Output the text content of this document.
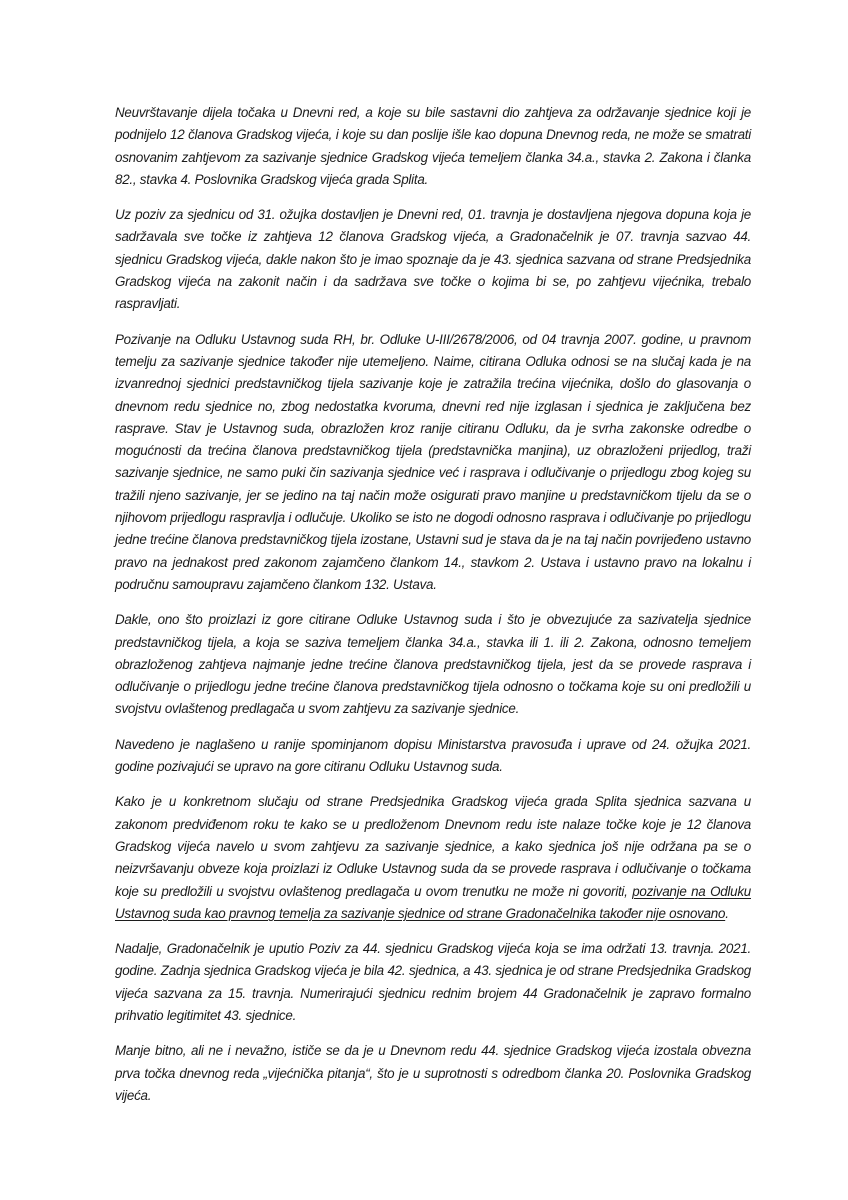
Neuvrštavanje dijela točaka u Dnevni red, a koje su bile sastavni dio zahtjeva za održavanje sjednice koji je podnijelo 12 članova Gradskog vijeća, i koje su dan poslije išle kao dopuna Dnevnog reda, ne može se smatrati osnovanim zahtjevom za sazivanje sjednice Gradskog vijeća temeljem članka 34.a., stavka 2. Zakona i članka 82., stavka 4. Poslovnika Gradskog vijeća grada Splita.

Uz poziv za sjednicu od 31. ožujka dostavljen je Dnevni red, 01. travnja je dostavljena njegova dopuna koja je sadržavala sve točke iz zahtjeva 12 članova Gradskog vijeća, a Gradonačelnik je 07. travnja sazvao 44. sjednicu Gradskog vijeća, dakle nakon što je imao spoznaje da je 43. sjednica sazvana od strane Predsjednika Gradskog vijeća na zakonit način i da sadržava sve točke o kojima bi se, po zahtjevu vijećnika, trebalo raspravljati.

Pozivanje na Odluku Ustavnog suda RH, br. Odluke U-III/2678/2006, od 04 travnja 2007. godine, u pravnom temelju za sazivanje sjednice također nije utemeljeno. Naime, citirana Odluka odnosi se na slučaj kada je na izvanrednoj sjednici predstavničkog tijela sazivanje koje je zatražila trećina vijećnika, došlo do glasovanja o dnevnom redu sjednice no, zbog nedostatka kvoruma, dnevni red nije izglasan i sjednica je zaključena bez rasprave. Stav je Ustavnog suda, obrazložen kroz ranije citiranu Odluku, da je svrha zakonske odredbe o mogućnosti da trećina članova predstavničkog tijela (predstavnička manjina), uz obrazloženi prijedlog, traži sazivanje sjednice, ne samo puki čin sazivanja sjednice već i rasprava i odlučivanje o prijedlogu zbog kojeg su tražili njeno sazivanje, jer se jedino na taj način može osigurati pravo manjine u predstavničkom tijelu da se o njihovom prijedlogu raspravlja i odlučuje. Ukoliko se isto ne dogodi odnosno rasprava i odlučivanje po prijedlogu jedne trećine članova predstavničkog tijela izostane, Ustavni sud je stava da je na taj način povrijeđeno ustavno pravo na jednakost pred zakonom zajamčeno člankom 14., stavkom 2. Ustava i ustavno pravo na lokalnu i područnu samoupravu zajamčeno člankom 132. Ustava.

Dakle, ono što proizlazi iz gore citirane Odluke Ustavnog suda i što je obvezujuće za sazivatelja sjednice predstavničkog tijela, a koja se saziva temeljem članka 34.a., stavka ili 1. ili 2. Zakona, odnosno temeljem obrazloženog zahtjeva najmanje jedne trećine članova predstavničkog tijela, jest da se provede rasprava i odlučivanje o prijedlogu jedne trećine članova predstavničkog tijela odnosno o točkama koje su oni predložili u svojstvu ovlaštenog predlagača u svom zahtjevu za sazivanje sjednice.

Navedeno je naglašeno u ranije spominjanom dopisu Ministarstva pravosuđa i uprave od 24. ožujka 2021. godine pozivajući se upravo na gore citiranu Odluku Ustavnog suda.

Kako je u konkretnom slučaju od strane Predsjednika Gradskog vijeća grada Splita sjednica sazvana u zakonom predviđenom roku te kako se u predloženom Dnevnom redu iste nalaze točke koje je 12 članova Gradskog vijeća navelo u svom zahtjevu za sazivanje sjednice, a kako sjednica još nije održana pa se o neizvršavanju obveze koja proizlazi iz Odluke Ustavnog suda da se provede rasprava i odlučivanje o točkama koje su predložili u svojstvu ovlaštenog predlagača u ovom trenutku ne može ni govoriti, pozivanje na Odluku Ustavnog suda kao pravnog temelja za sazivanje sjednice od strane Gradonačelnika također nije osnovano.

Nadalje, Gradonačelnik je uputio Poziv za 44. sjednicu Gradskog vijeća koja se ima održati 13. travnja. 2021. godine. Zadnja sjednica Gradskog vijeća je bila 42. sjednica, a 43. sjednica je od strane Predsjednika Gradskog vijeća sazvana za 15. travnja. Numerirajući sjednicu rednim brojem 44 Gradonačelnik je zapravo formalno prihvatio legitimitet 43. sjednice.

Manje bitno, ali ne i nevažno, ističe se da je u Dnevnom redu 44. sjednice Gradskog vijeća izostala obvezna prva točka dnevnog reda „vijećnička pitanja“, što je u suprotnosti s odredbom članka 20. Poslovnika Gradskog vijeća.
